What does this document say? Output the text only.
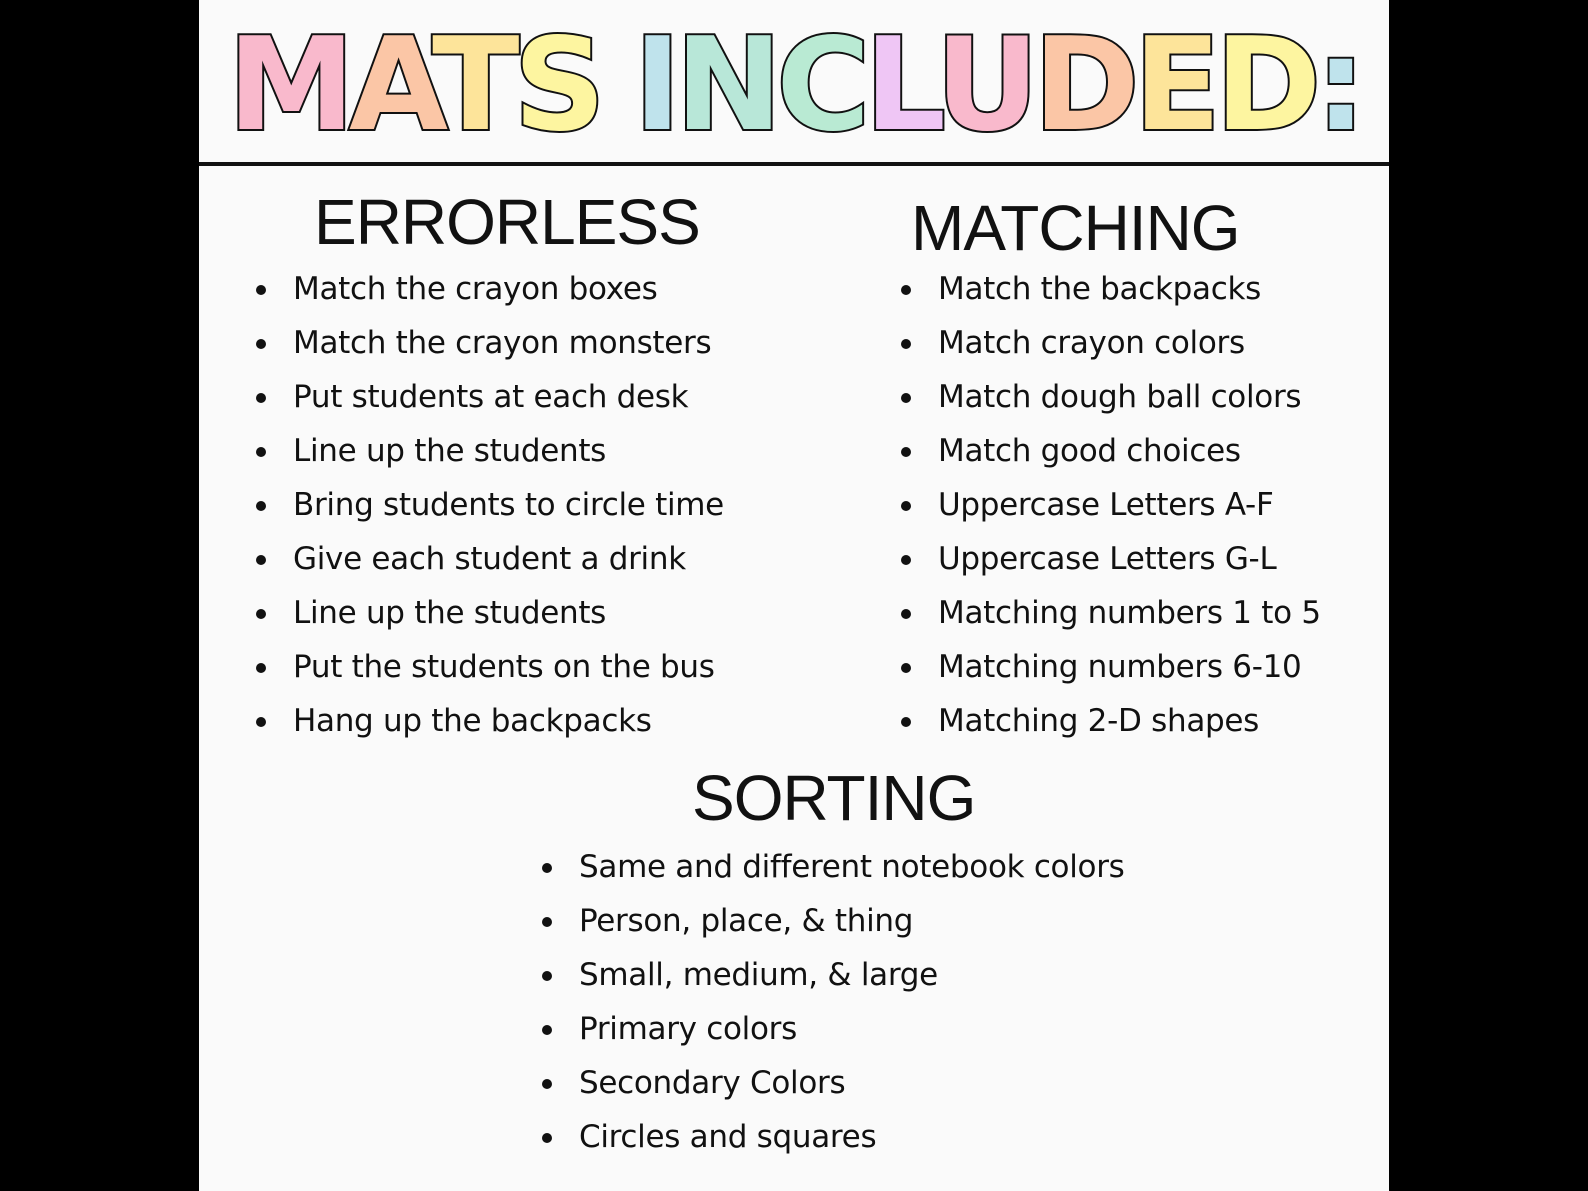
MATS INCLUDED:
ERRORLESS	MATCHING
Match the crayon boxes
Match the crayon monsters
Put students at each desk
Line up the students
Bring students to circle time
Give each student a drink
Line up the students
Put the students on the bus
Hang up the backpacks
Match the backpacks
Match crayon colors
Match dough ball colors
Match good choices
Uppercase Letters A-F
Uppercase Letters G-L
Matching numbers 1 to 5
Matching numbers 6-10
Matching 2-D shapes
SORTING
Same and different notebook colors
Person, place, & thing
Small, medium, & large
Primary colors
Secondary Colors
Circles and squares
